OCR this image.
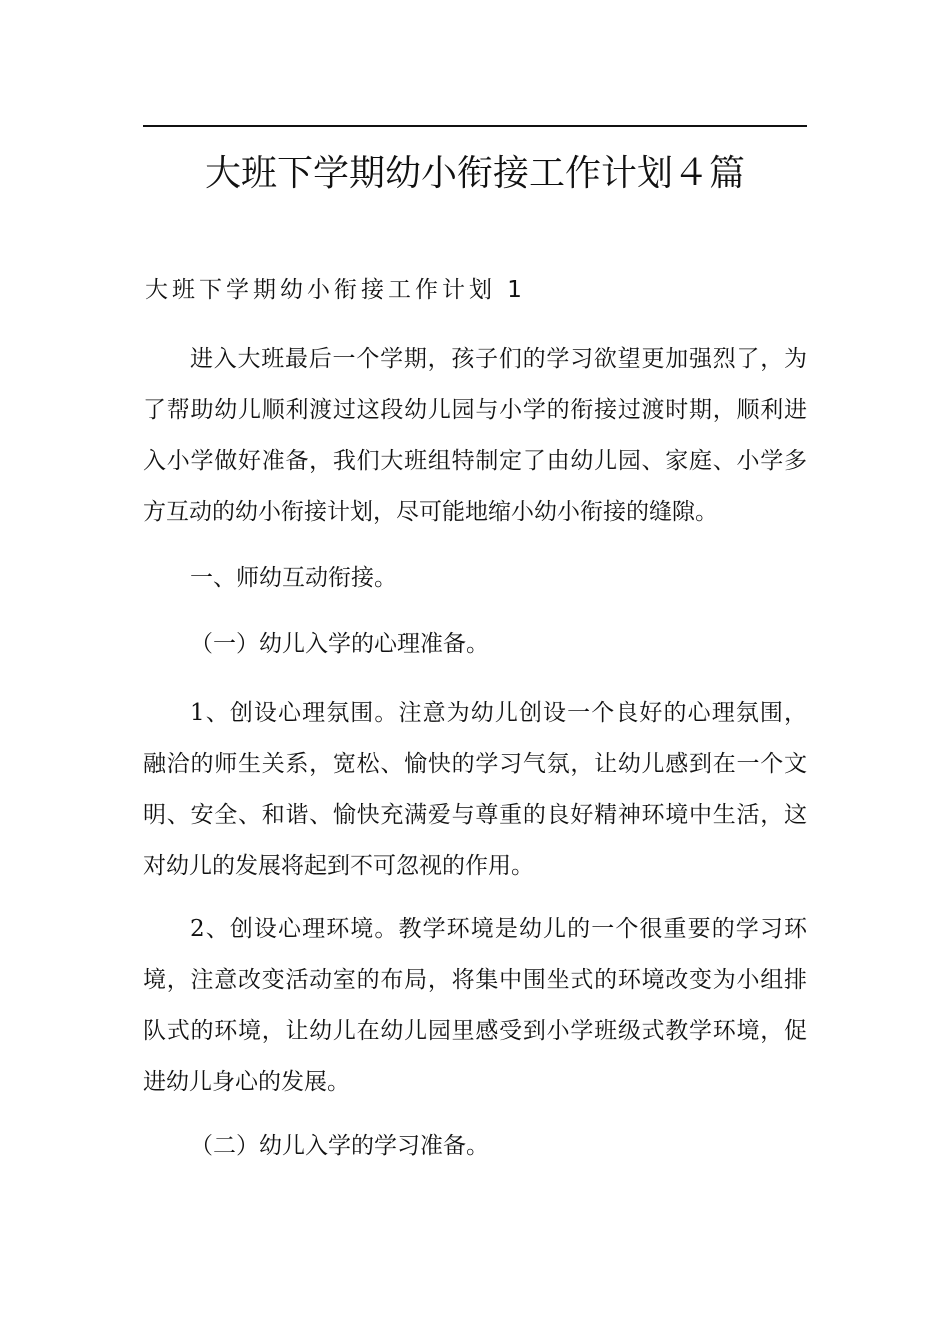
大班下学期幼小衔接工作计划４篇
大班下学期幼小衔接工作计划 1
进入大班最后一个学期，孩子们的学习欲望更加强烈了，为
了帮助幼儿顺利渡过这段幼儿园与小学的衔接过渡时期，顺利进
入小学做好准备，我们大班组特制定了由幼儿园、家庭、小学多
方互动的幼小衔接计划，尽可能地缩小幼小衔接的缝隙。

一、师幼互动衔接。

（一）幼儿入学的心理准备。

1、创设心理氛围。注意为幼儿创设一个良好的心理氛围，
融洽的师生关系，宽松、愉快的学习气氛，让幼儿感到在一个文
明、安全、和谐、愉快充满爱与尊重的良好精神环境中生活，这
对幼儿的发展将起到不可忽视的作用。
2、创设心理环境。教学环境是幼儿的一个很重要的学习环
境，注意改变活动室的布局，将集中围坐式的环境改变为小组排
队式的环境，让幼儿在幼儿园里感受到小学班级式教学环境，促
进幼儿身心的发展。

（二）幼儿入学的学习准备。
